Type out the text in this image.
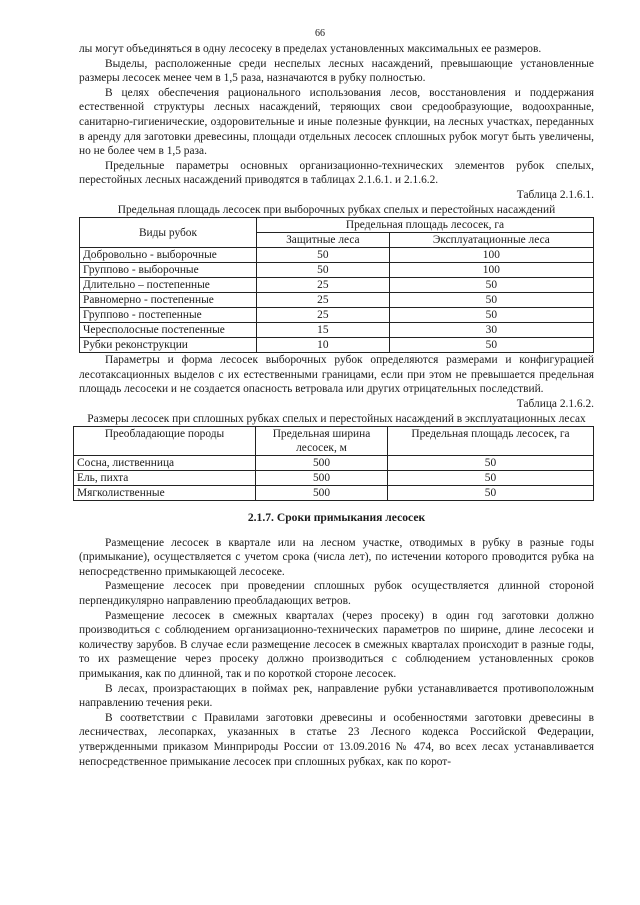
66

лы могут объединяться в одну лесосеку в пределах установленных максимальных ее размеров.

Выделы, расположенные среди неспелых лесных насаждений, превышающие установленные размеры лесосек менее чем в 1,5 раза, назначаются в рубку полностью.

В целях обеспечения рационального использования лесов, восстановления и поддержания естественной структуры лесных насаждений, теряющих свои средообразующие, водоохранные, санитарно-гигиенические, оздоровительные и иные полезные функции, на лесных участках, переданных в аренду для заготовки древесины, площади отдельных лесосек сплошных рубок могут быть увеличены, но не более чем в 1,5 раза.

Предельные параметры основных организационно-технических элементов рубок спелых, перестойных лесных насаждений приводятся в таблицах 2.1.6.1. и 2.1.6.2.

Таблица 2.1.6.1.

Предельная площадь лесосек при выборочных рубках спелых и перестойных насаждений

Виды рубок	Предельная площадь лесосек, га	
	Защитные леса	Эксплуатационные леса
Добровольно - выборочные	50	100
Группово - выборочные	50	100
Длительно – постепенные	25	50
Равномерно - постепенные	25	50
Группово - постепенные	25	50
Чересполосные постепенные	15	30
Рубки реконструкции	10	50

Параметры и форма лесосек выборочных рубок определяются размерами и конфигурацией лесотаксационных выделов с их естественными границами, если при этом не превышается предельная площадь лесосеки и не создается опасность ветровала или других отрицательных последствий.

Таблица 2.1.6.2.

Размеры лесосек при сплошных рубках спелых и перестойных насаждений в эксплуатационных лесах

Преобладающие породы	Предельная ширина лесосек, м	Предельная площадь лесосек, га
Сосна, лиственница	500	50
Ель, пихта	500	50
Мягколиственные	500	50
2.1.7. Сроки примыкания лесосек

Размещение лесосек в квартале или на лесном участке, отводимых в рубку в разные годы (примыкание), осуществляется с учетом срока (числа лет), по истечении которого проводится рубка на непосредственно примыкающей лесосеке.

Размещение лесосек при проведении сплошных рубок осуществляется длинной стороной перпендикулярно направлению преобладающих ветров.

Размещение лесосек в смежных кварталах (через просеку) в один год заготовки должно производиться с соблюдением организационно-технических параметров по ширине, длине лесосеки и количеству зарубов. В случае если размещение лесосек в смежных кварталах происходит в разные годы, то их размещение через просеку должно производиться с соблюдением установленных сроков примыкания, как по длинной, так и по короткой стороне лесосек.

В лесах, произрастающих в поймах рек, направление рубки устанавливается противоположным направлению течения реки.

В соответствии с Правилами заготовки древесины и особенностями заготовки древесины в лесничествах, лесопарках, указанных в статье 23 Лесного кодекса Российской Федерации, утвержденными приказом Минприроды России от 13.09.2016 № 474, во всех лесах устанавливается непосредственное примыкание лесосек при сплошных рубках, как по корот-
